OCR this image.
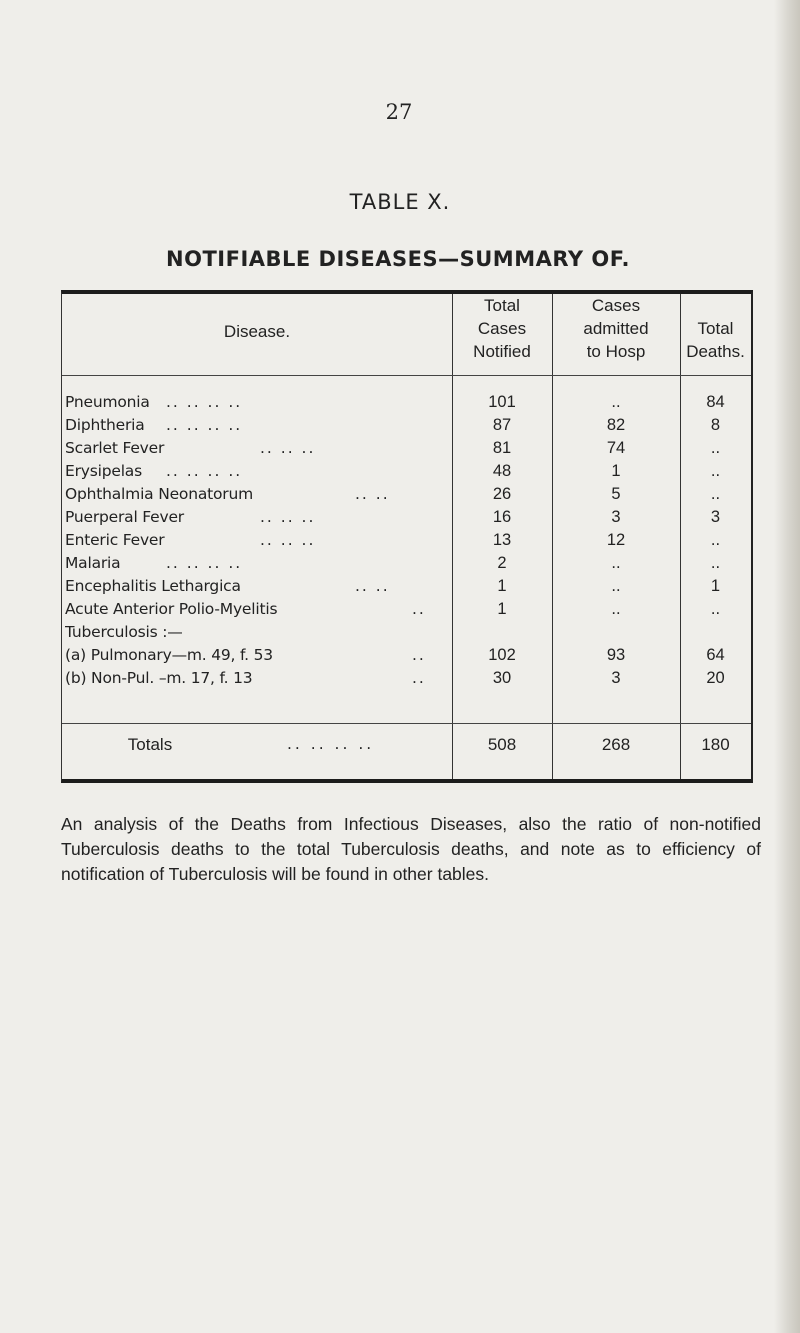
27
TABLE X.
NOTIFIABLE DISEASES—SUMMARY OF.
Disease.
Total
Cases
Notified
Cases
admitted
to Hosp
Total
Deaths.
Pneumonia	.. .. .. ..	101	..	84
Diphtheria	.. .. .. ..	87	82	8
Scarlet Fever	.. .. ..	81	74	..
Erysipelas	.. .. .. ..	48	1	..
Ophthalmia Neonatorum	.. ..	26	5	..
Puerperal Fever	.. .. ..	16	3	3
Enteric Fever	.. .. ..	13	12	..
Malaria	.. .. .. ..	2	..	..
Encephalitis Lethargica	.. ..	1	..	1
Acute Anterior Polio-Myelitis	..	1	..	..
Tuberculosis :—
(a) Pulmonary—m. 49, f. 53	..	102	93	64
(b) Non-Pul. –m. 17, f. 13	..	30	3	20
Totals	.. .. .. ..	508	268	180

An analysis of the Deaths from Infectious Diseases, also the ratio of non-notified Tuberculosis deaths to the total Tuberculosis deaths, and note as to efficiency of notification of Tuberculosis will be found in other tables.
